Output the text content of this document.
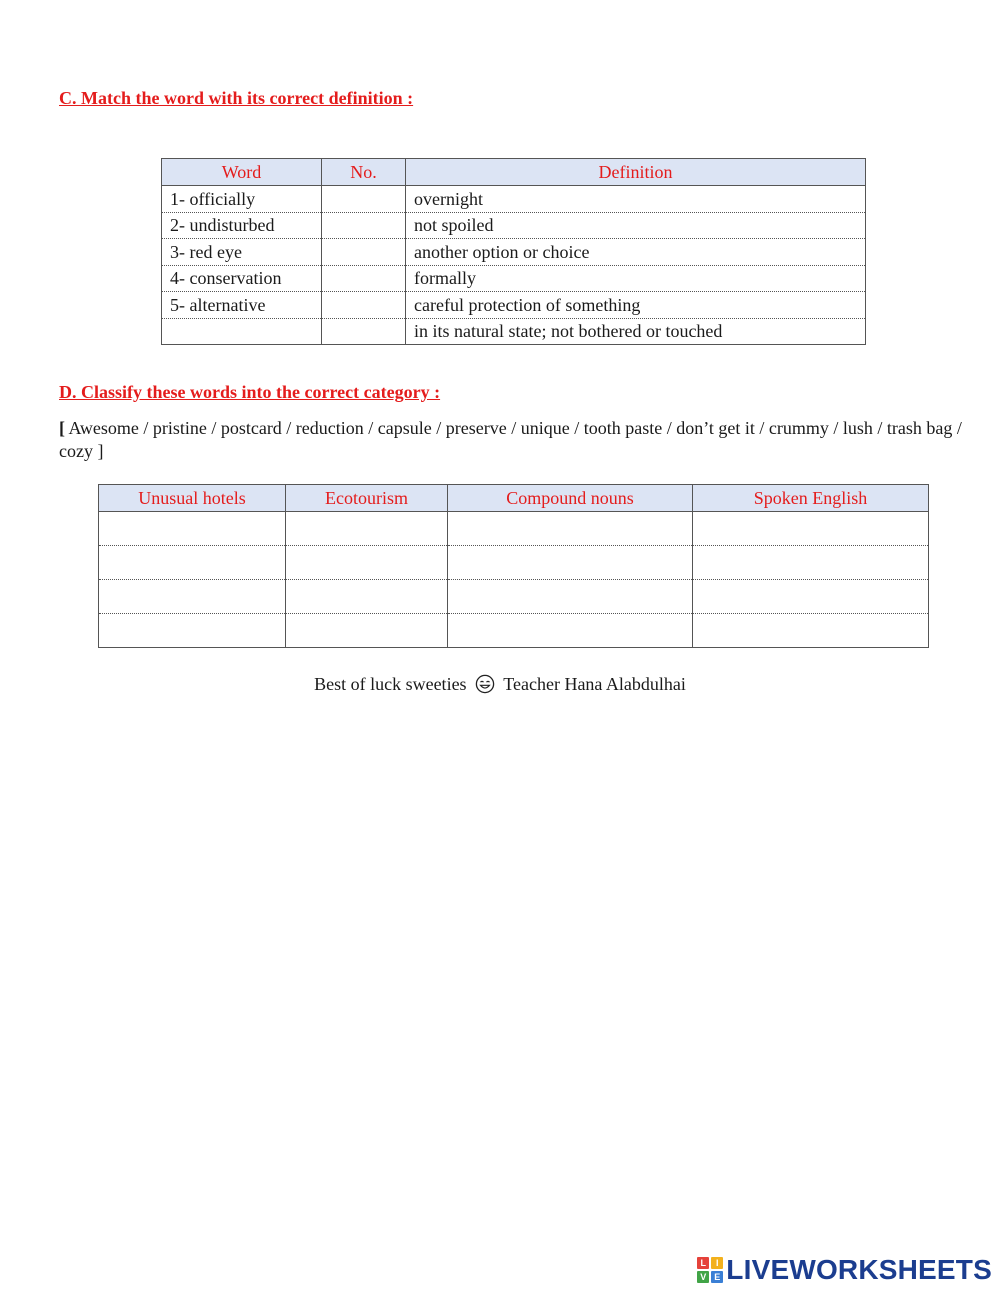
C. Match the word with its correct definition :
Word	No.	Definition
1- officially		overnight
2- undisturbed		not spoiled
3- red eye		another option or choice
4- conservation		formally
5- alternative		careful protection of something
		in its natural state; not bothered or touched
D. Classify these words into the correct category :

[ Awesome / pristine / postcard / reduction / capsule / preserve / unique / tooth paste / don’t get it / crummy / lush / trash bag / cozy ]

Unusual hotels	Ecotourism	Compound nouns	Spoken English

Best of luck sweeties Teacher Hana Alabdulhai

L	I
V E LIVEWORKSHEETS
